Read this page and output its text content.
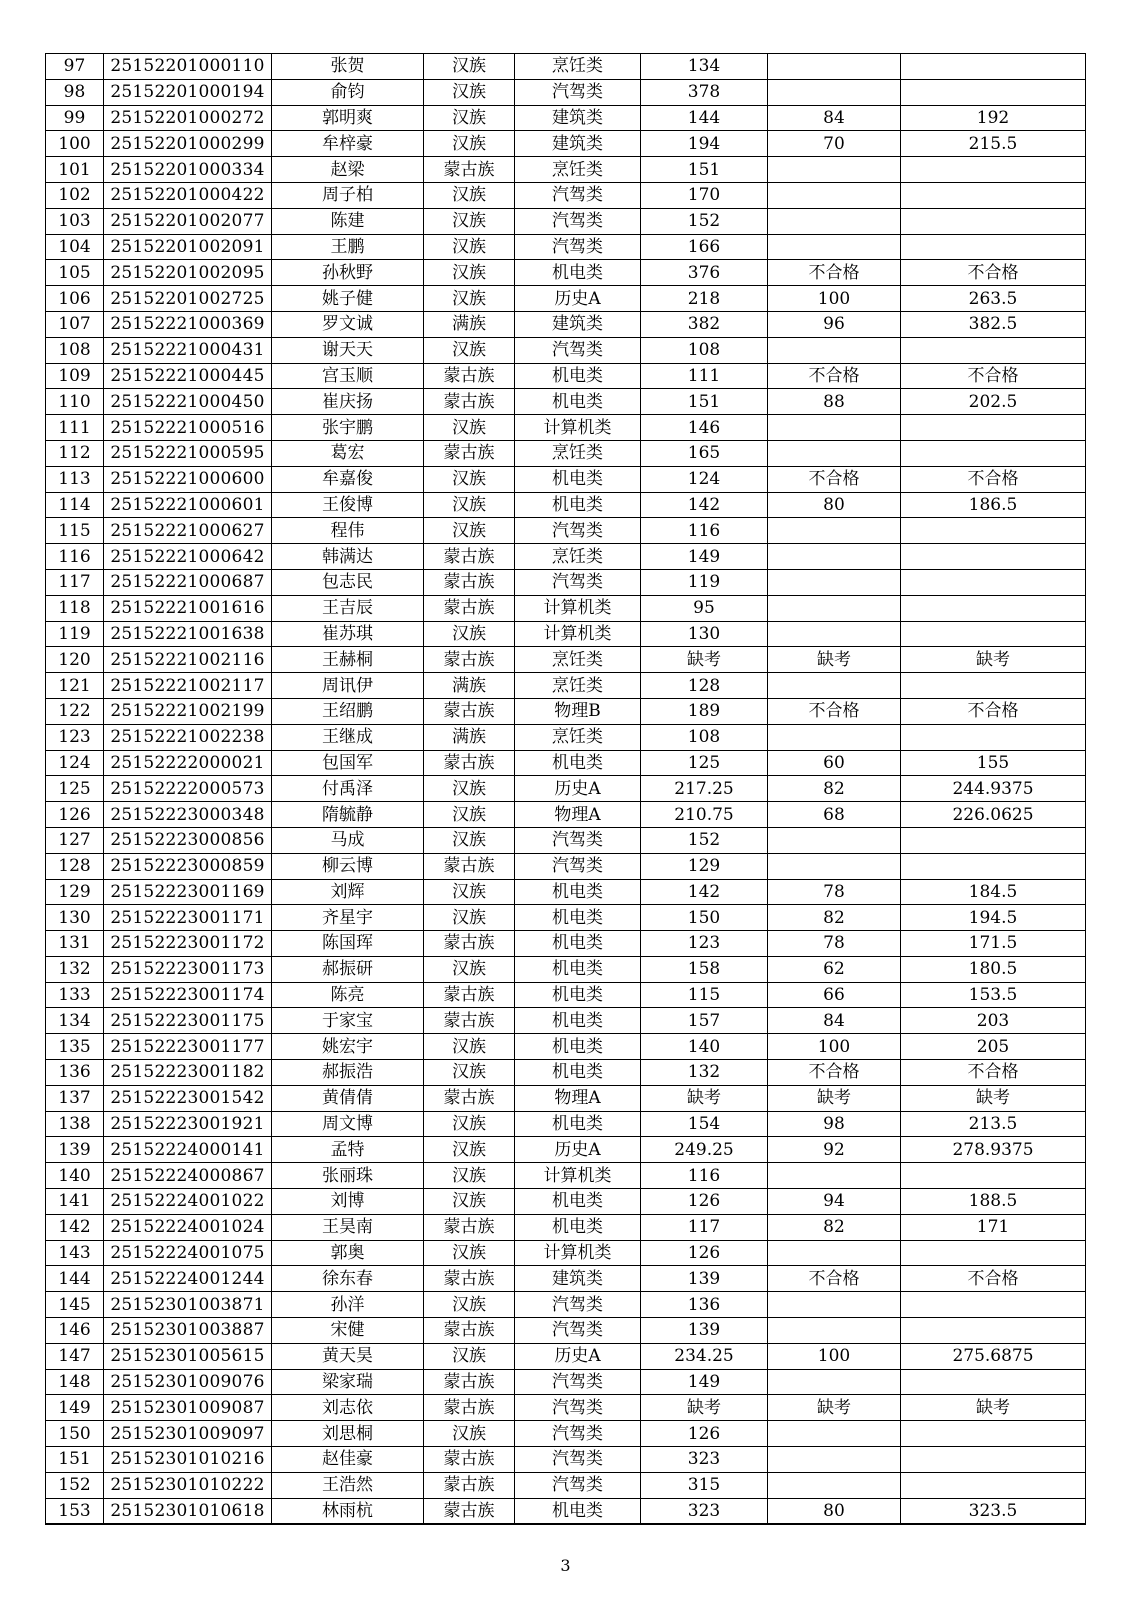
97	25152201000110	张贺	汉族	烹饪类	134		
98	25152201000194	俞钧	汉族	汽驾类	378		
99	25152201000272	郭明爽	汉族	建筑类	144	84	192
100	25152201000299	牟梓豪	汉族	建筑类	194	70	215.5
101	25152201000334	赵梁	蒙古族	烹饪类	151		
102	25152201000422	周子柏	汉族	汽驾类	170		
103	25152201002077	陈建	汉族	汽驾类	152		
104	25152201002091	王鹏	汉族	汽驾类	166		
105	25152201002095	孙秋野	汉族	机电类	376	不合格	不合格
106	25152201002725	姚子健	汉族	历史A	218	100	263.5
107	25152221000369	罗文诚	满族	建筑类	382	96	382.5
108	25152221000431	谢天天	汉族	汽驾类	108		
109	25152221000445	宫玉顺	蒙古族	机电类	111	不合格	不合格
110	25152221000450	崔庆扬	蒙古族	机电类	151	88	202.5
111	25152221000516	张宇鹏	汉族	计算机类	146		
112	25152221000595	葛宏	蒙古族	烹饪类	165		
113	25152221000600	牟嘉俊	汉族	机电类	124	不合格	不合格
114	25152221000601	王俊博	汉族	机电类	142	80	186.5
115	25152221000627	程伟	汉族	汽驾类	116		
116	25152221000642	韩满达	蒙古族	烹饪类	149		
117	25152221000687	包志民	蒙古族	汽驾类	119		
118	25152221001616	王吉辰	蒙古族	计算机类	95		
119	25152221001638	崔苏琪	汉族	计算机类	130		
120	25152221002116	王赫桐	蒙古族	烹饪类	缺考	缺考	缺考
121	25152221002117	周讯伊	满族	烹饪类	128		
122	25152221002199	王绍鹏	蒙古族	物理B	189	不合格	不合格
123	25152221002238	王继成	满族	烹饪类	108		
124	25152222000021	包国军	蒙古族	机电类	125	60	155
125	25152222000573	付禹泽	汉族	历史A	217.25	82	244.9375
126	25152223000348	隋毓静	汉族	物理A	210.75	68	226.0625
127	25152223000856	马成	汉族	汽驾类	152		
128	25152223000859	柳云博	蒙古族	汽驾类	129		
129	25152223001169	刘辉	汉族	机电类	142	78	184.5
130	25152223001171	齐星宇	汉族	机电类	150	82	194.5
131	25152223001172	陈国珲	蒙古族	机电类	123	78	171.5
132	25152223001173	郝振研	汉族	机电类	158	62	180.5
133	25152223001174	陈亮	蒙古族	机电类	115	66	153.5
134	25152223001175	于家宝	蒙古族	机电类	157	84	203
135	25152223001177	姚宏宇	汉族	机电类	140	100	205
136	25152223001182	郝振浩	汉族	机电类	132	不合格	不合格
137	25152223001542	黄倩倩	蒙古族	物理A	缺考	缺考	缺考
138	25152223001921	周文博	汉族	机电类	154	98	213.5
139	25152224000141	孟特	汉族	历史A	249.25	92	278.9375
140	25152224000867	张丽珠	汉族	计算机类	116		
141	25152224001022	刘博	汉族	机电类	126	94	188.5
142	25152224001024	王昊南	蒙古族	机电类	117	82	171
143	25152224001075	郭奥	汉族	计算机类	126		
144	25152224001244	徐东春	蒙古族	建筑类	139	不合格	不合格
145	25152301003871	孙洋	汉族	汽驾类	136		
146	25152301003887	宋健	蒙古族	汽驾类	139		
147	25152301005615	黄天昊	汉族	历史A	234.25	100	275.6875
148	25152301009076	梁家瑞	蒙古族	汽驾类	149		
149	25152301009087	刘志依	蒙古族	汽驾类	缺考	缺考	缺考
150	25152301009097	刘思桐	汉族	汽驾类	126		
151	25152301010216	赵佳豪	蒙古族	汽驾类	323		
152	25152301010222	王浩然	蒙古族	汽驾类	315		
153	25152301010618	林雨杭	蒙古族	机电类	323	80	323.5
3
